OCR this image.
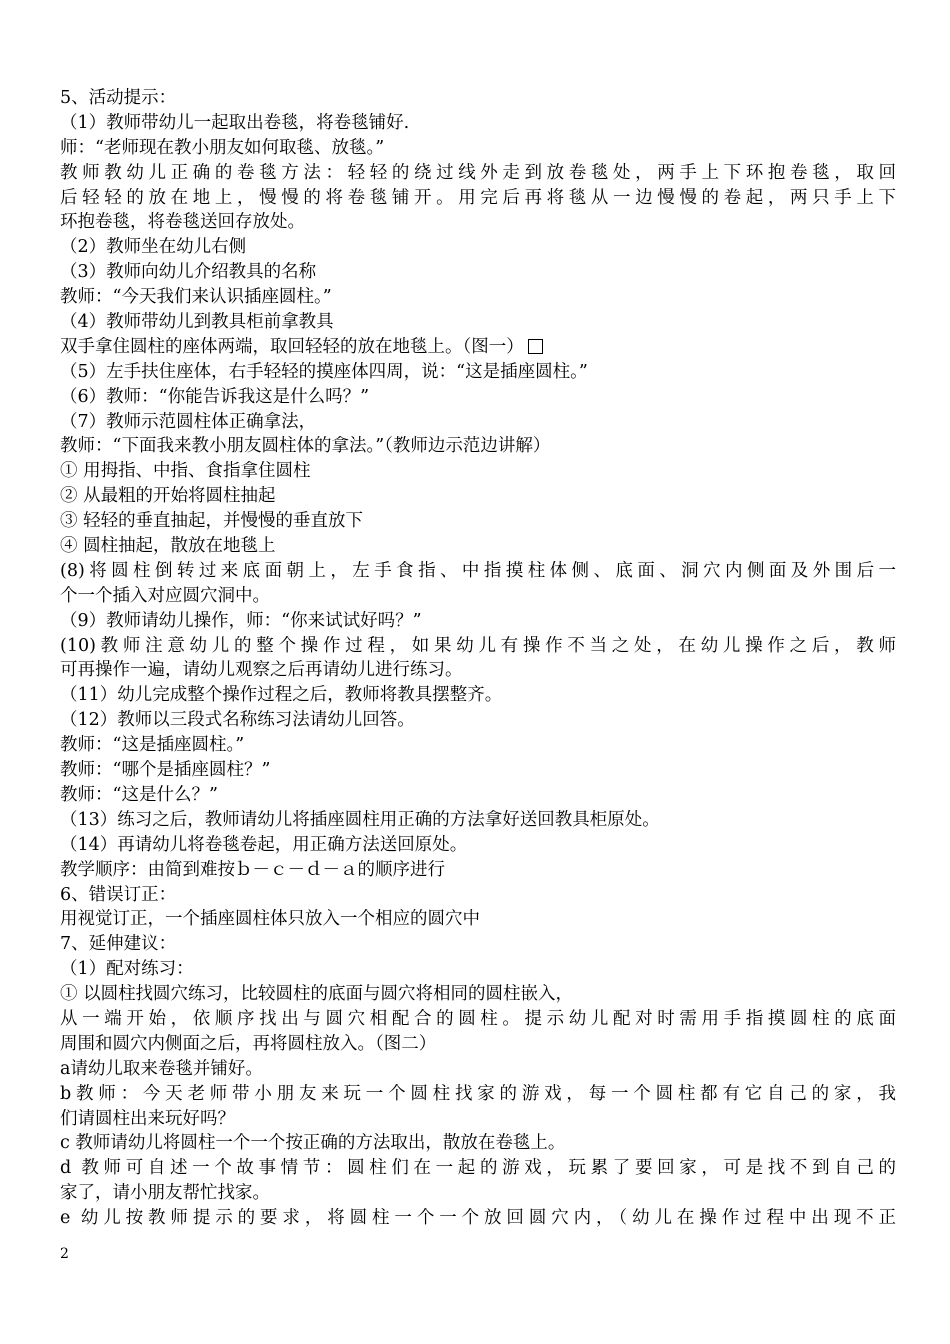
5、活动提示：
（1）教师带幼儿一起取出卷毯，将卷毯铺好.
师：“老师现在教小朋友如何取毯、放毯。”
教师教幼儿正确的卷毯方法：轻轻的绕过线外走到放卷毯处，两手上下环抱卷毯，取回
后轻轻的放在地上，慢慢的将卷毯铺开。用完后再将毯从一边慢慢的卷起，两只手上下
环抱卷毯，将卷毯送回存放处。
（2）教师坐在幼儿右侧
（3）教师向幼儿介绍教具的名称
教师：“今天我们来认识插座圆柱。”
（4）教师带幼儿到教具柜前拿教具
双手拿住圆柱的座体两端，取回轻轻的放在地毯上。（图一）
（5）左手扶住座体，右手轻轻的摸座体四周，说：“这是插座圆柱。”
（6）教师：“你能告诉我这是什么吗？”
（7）教师示范圆柱体正确拿法，
教师：“下面我来教小朋友圆柱体的拿法。”（教师边示范边讲解）
① 用拇指、中指、食指拿住圆柱
② 从最粗的开始将圆柱抽起
③ 轻轻的垂直抽起，并慢慢的垂直放下
④ 圆柱抽起，散放在地毯上
(8)将圆柱倒转过来底面朝上，左手食指、中指摸柱体侧、底面、洞穴内侧面及外围后一
个一个插入对应圆穴洞中。
（9）教师请幼儿操作，师：“你来试试好吗？”
(10)教师注意幼儿的整个操作过程，如果幼儿有操作不当之处，在幼儿操作之后，教师
可再操作一遍，请幼儿观察之后再请幼儿进行练习。
（11）幼儿完成整个操作过程之后，教师将教具摆整齐。
（12）教师以三段式名称练习法请幼儿回答。
教师：“这是插座圆柱。”
教师：“哪个是插座圆柱？”
教师：“这是什么？”
（13）练习之后，教师请幼儿将插座圆柱用正确的方法拿好送回教具柜原处。
（14）再请幼儿将卷毯卷起，用正确方法送回原处。
教学顺序：由简到难按ｂ－ｃ－ｄ－ａ的顺序进行
6、错误订正：
用视觉订正，一个插座圆柱体只放入一个相应的圆穴中
7、延伸建议：
（1）配对练习：
① 以圆柱找圆穴练习，比较圆柱的底面与圆穴将相同的圆柱嵌入，
从一端开始，依顺序找出与圆穴相配合的圆柱。提示幼儿配对时需用手指摸圆柱的底面
周围和圆穴内侧面之后，再将圆柱放入。（图二）
a请幼儿取来卷毯并铺好。
b教师：今天老师带小朋友来玩一个圆柱找家的游戏，每一个圆柱都有它自己的家，我
们请圆柱出来玩好吗？
c 教师请幼儿将圆柱一个一个按正确的方法取出，散放在卷毯上。
d 教师可自述一个故事情节：圆柱们在一起的游戏，玩累了要回家，可是找不到自己的
家了，请小朋友帮忙找家。
e 幼儿按教师提示的要求，将圆柱一个一个放回圆穴内，（幼儿在操作过程中出现不正
2
